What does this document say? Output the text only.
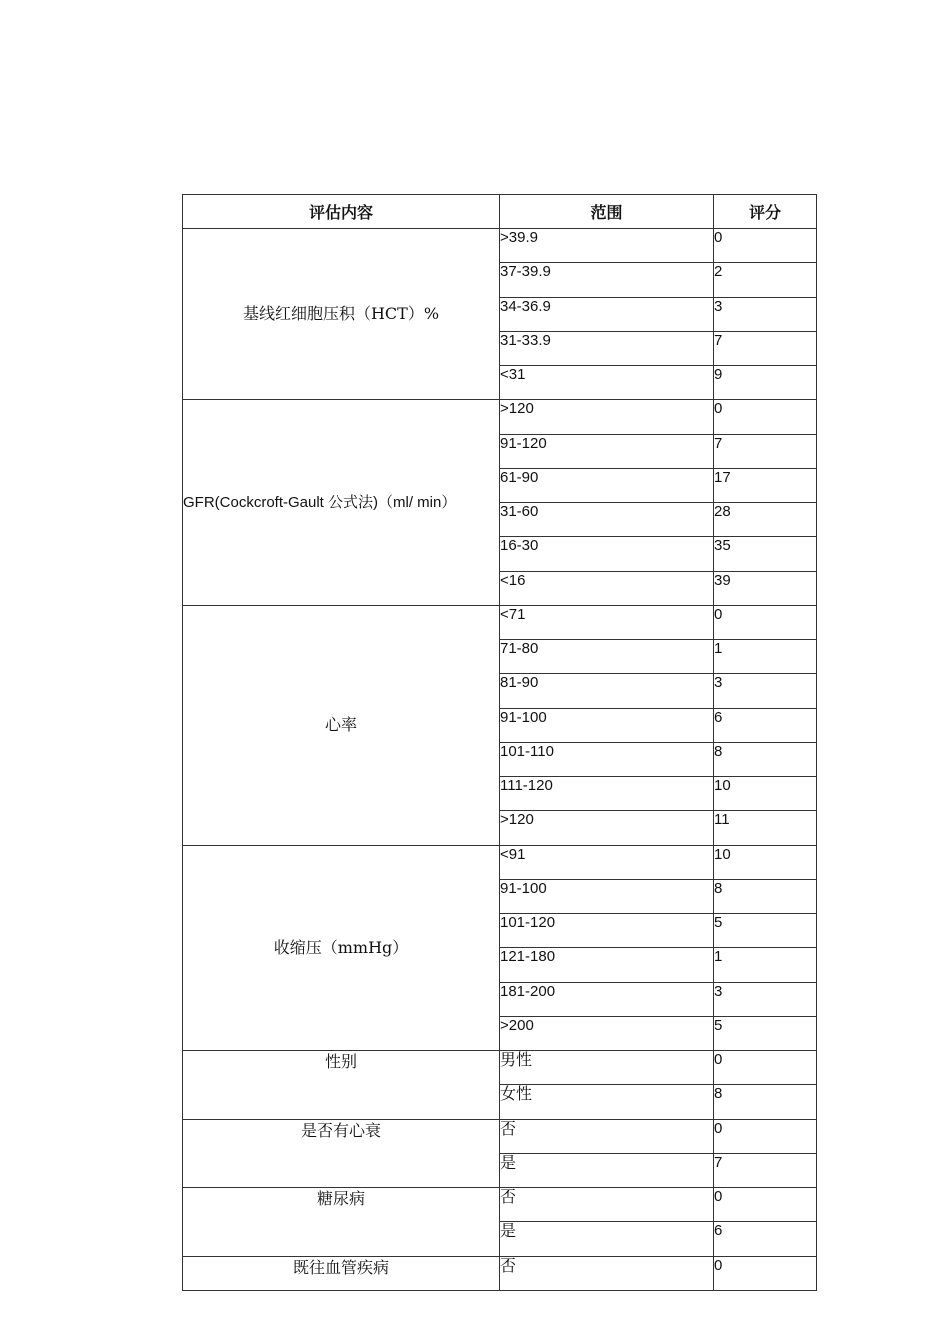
评估内容	范围	评分
基线红细胞压积（HCT）%	>39.9	0
	37-39.9	2
	34-36.9	3
	31-33.9	7
	<31	9
GFR(Cockcroft-Gault 公式法)（ml/ min）	>120	0
	91-120	7
	61-90	17
	31-60	28
	16-30	35
	<16	39
心率	<71	0
	71-80	1
	81-90	3
	91-100	6
	101-110	8
	111-120	10
	>120	11
收缩压（mmHg）	<91	10
	91-100	8
	101-120	5
	121-180	1
	181-200	3
	>200	5
性别	男性	0
	女性	8
是否有心衰	否	0
	是	7
糖尿病	否	0
	是	6
既往血管疾病	否	0
